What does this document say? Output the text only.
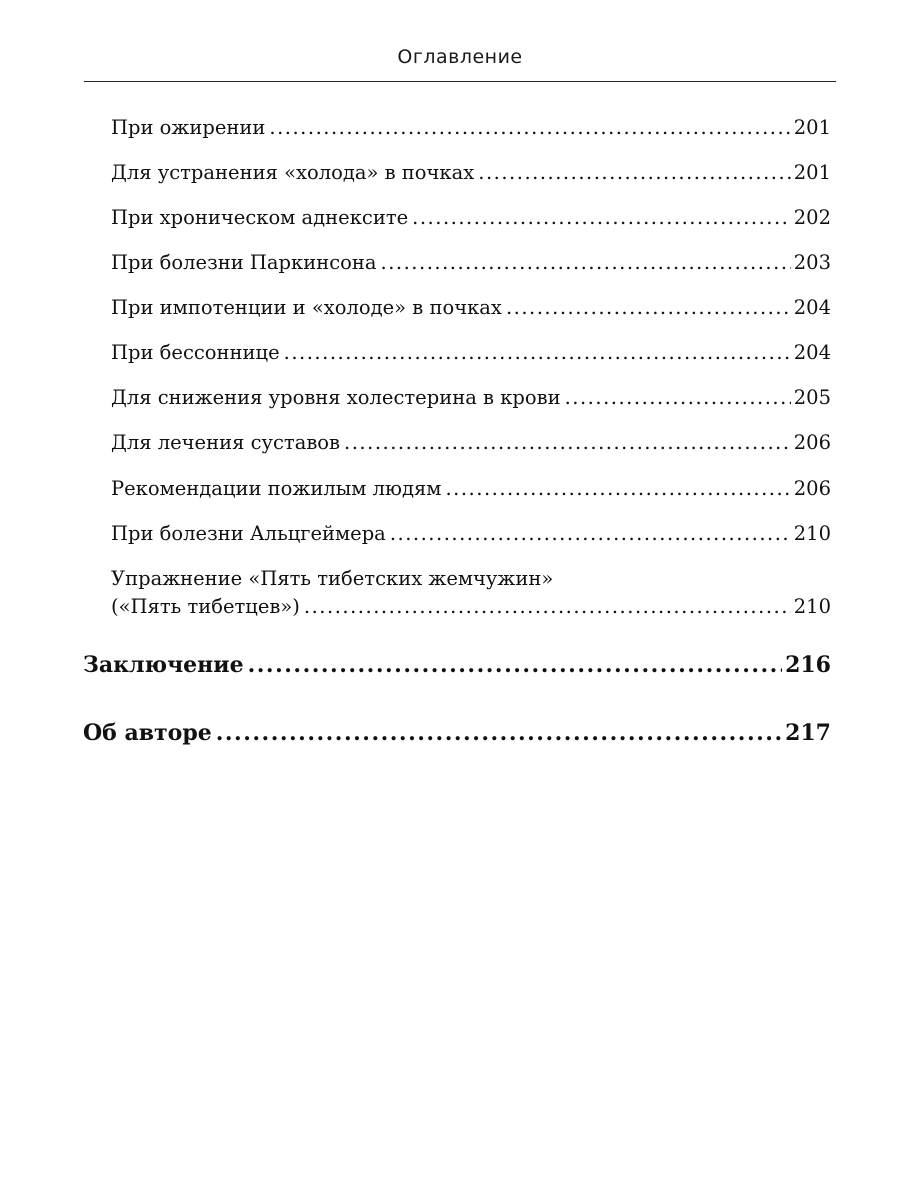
Оглавление
При ожирении .....	201
Для устранения «холода» в почках .....	201
При хроническом аднексите .....	202
При болезни Паркинсона .....	203
При импотенции и «холоде» в почках .....	204
При бессоннице .....	204
Для снижения уровня холестерина в крови .....	205
Для лечения суставов .....	206
Рекомендации пожилым людям .....	206
При болезни Альцгеймера .....	210
Упражнение «Пять тибетских жемчужин»
(«Пять тибетцев») .....	210
Заключение .....	216
Об авторе .....	217
